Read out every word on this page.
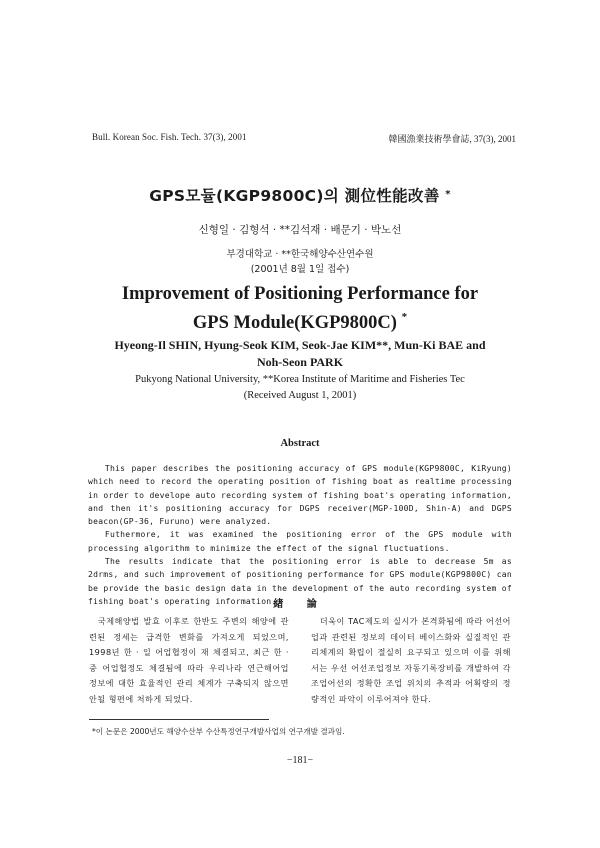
Bull. Korean Soc. Fish. Tech. 37(3), 2001	韓國漁業技術學會誌, 37(3), 2001
GPS모듈(KGP9800C)의 測位性能改善 *
신형일 · 김형석 · **김석재 · 배문기 · 박노선
부경대학교 · **한국해양수산연수원
(2001년 8월 1일 접수)
Improvement of Positioning Performance for
GPS Module(KGP9800C) *
Hyeong-Il SHIN, Hyung-Seok KIM, Seok-Jae KIM**, Mun-Ki BAE and
Noh-Seon PARK
Pukyong National University, **Korea Institute of Maritime and Fisheries Tec
(Received August 1, 2001)
Abstract

This paper describes the positioning accuracy of GPS module(KGP9800C, KiRyung) which need to record the operating position of fishing boat as realtime processing in order to develope auto recording system of fishing boat's operating information, and then it's positioning accuracy for DGPS receiver(MGP-100D, Shin-A) and DGPS beacon(GP-36, Furuno) were analyzed.

Futhermore, it was examined the positioning error of the GPS module with processing algorithm to minimize the effect of the signal fluctuations.

The results indicate that the positioning error is able to decrease 5m as 2drms, and such improvement of positioning performance for GPS module(KGP9800C) can be provide the basic design data in the development of the auto recording system of fishing boat's operating information.

緖 論

국제해양법 발효 이후로 한반도 주변의 해양에 관련된 정세는 급격한 변화를 가져오게 되었으며, 1998년 한 · 일 어업협정이 재 체결되고, 최근 한 · 중 어업협정도 체결됨에 따라 우리나라 연근해어업 정보에 대한 효율적인 관리 체계가 구축되지 않으면 안될 형편에 처하게 되었다.

더욱이 TAC제도의 실시가 본격화됨에 따라 어선어업과 관련된 정보의 데이터 베이스화와 실질적인 관리체계의 확립이 절실히 요구되고 있으며 이를 위해서는 우선 어선조업정보 자동기록장비를 개발하여 각 조업어선의 정확한 조업 위치의 추적과 어획량의 정량적인 파악이 이루어져야 한다.

*이 논문은 2000년도 해양수산부 수산특정연구개발사업의 연구개발 결과임.
−181−
